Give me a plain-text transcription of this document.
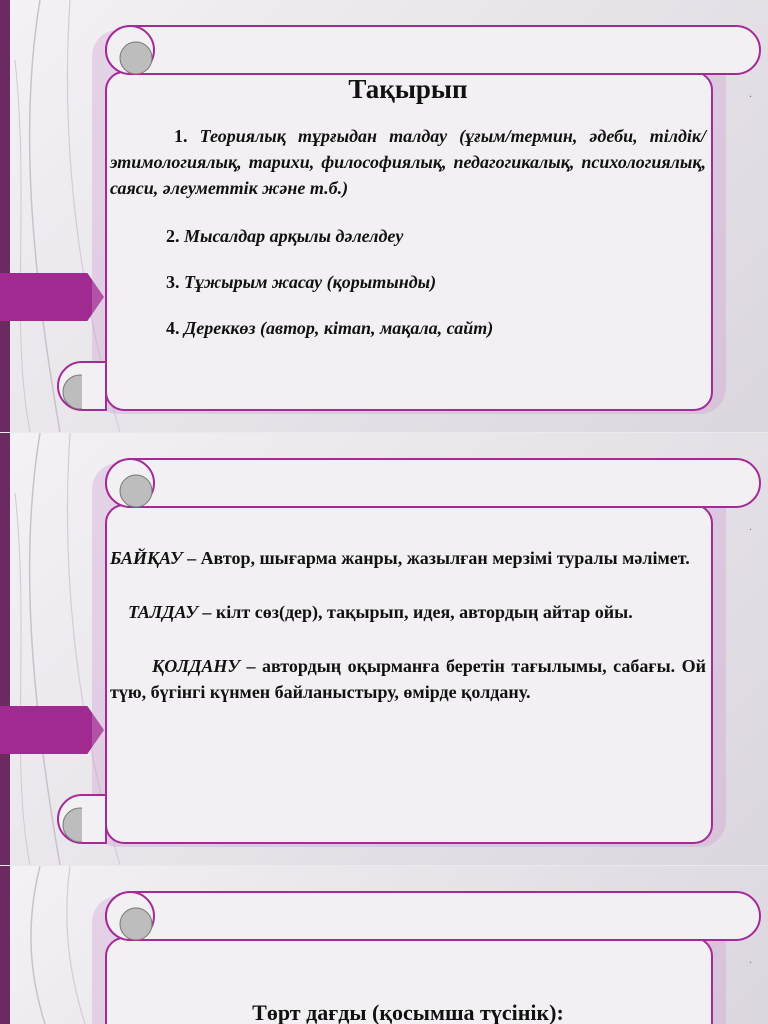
.

Тақырып

1. Теориялық тұрғыдан талдау (ұғым/термин, әдеби, тілдік/этимологиялық, тарихи, философиялық, педагогикалық, психологиялық, саяси, әлеуметтік және т.б.)

2. Мысалдар арқылы дәлелдеу

3. Тұжырым жасау (қорытынды)

4. Дереккөз (автор, кітап, мақала, сайт)

.

БАЙҚАУ – Автор, шығарма жанры, жазылған мерзімі туралы мәлімет.

ТАЛДАУ – кілт сөз(дер), тақырып, идея, автордың айтар ойы.

ҚОЛДАНУ – автордың оқырманға беретін тағылымы, сабағы. Ой түю, бүгінгі күнмен байланыстыру, өмірде қолдану.

.

Төрт дағды (қосымша түсінік):
